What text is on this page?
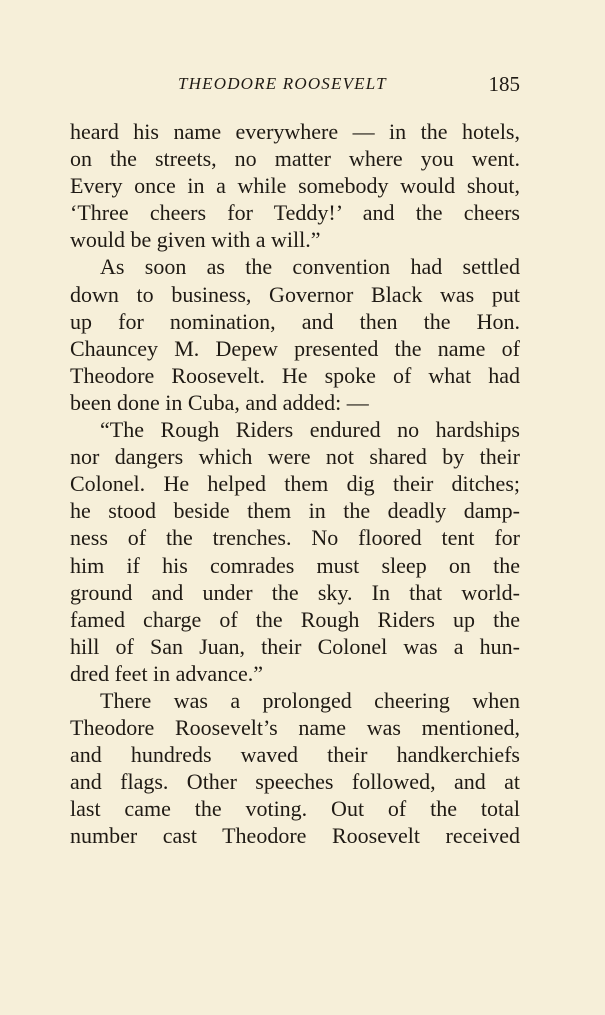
THEODORE ROOSEVELT	185
heard his name everywhere — in the hotels,
on the streets, no matter where you went.
Every once in a while somebody would shout,
‘Three cheers for Teddy!’ and the cheers
would be given with a will.”
As soon as the convention had settled
down to business, Governor Black was put
up for nomination, and then the Hon.
Chauncey M. Depew presented the name of
Theodore Roosevelt. He spoke of what had
been done in Cuba, and added: —
“The Rough Riders endured no hardships
nor dangers which were not shared by their
Colonel. He helped them dig their ditches;
he stood beside them in the deadly damp-
ness of the trenches. No floored tent for
him if his comrades must sleep on the
ground and under the sky. In that world-
famed charge of the Rough Riders up the
hill of San Juan, their Colonel was a hun-
dred feet in advance.”
There was a prolonged cheering when
Theodore Roosevelt’s name was mentioned,
and hundreds waved their handkerchiefs
and flags. Other speeches followed, and at
last came the voting. Out of the total
number cast Theodore Roosevelt received
